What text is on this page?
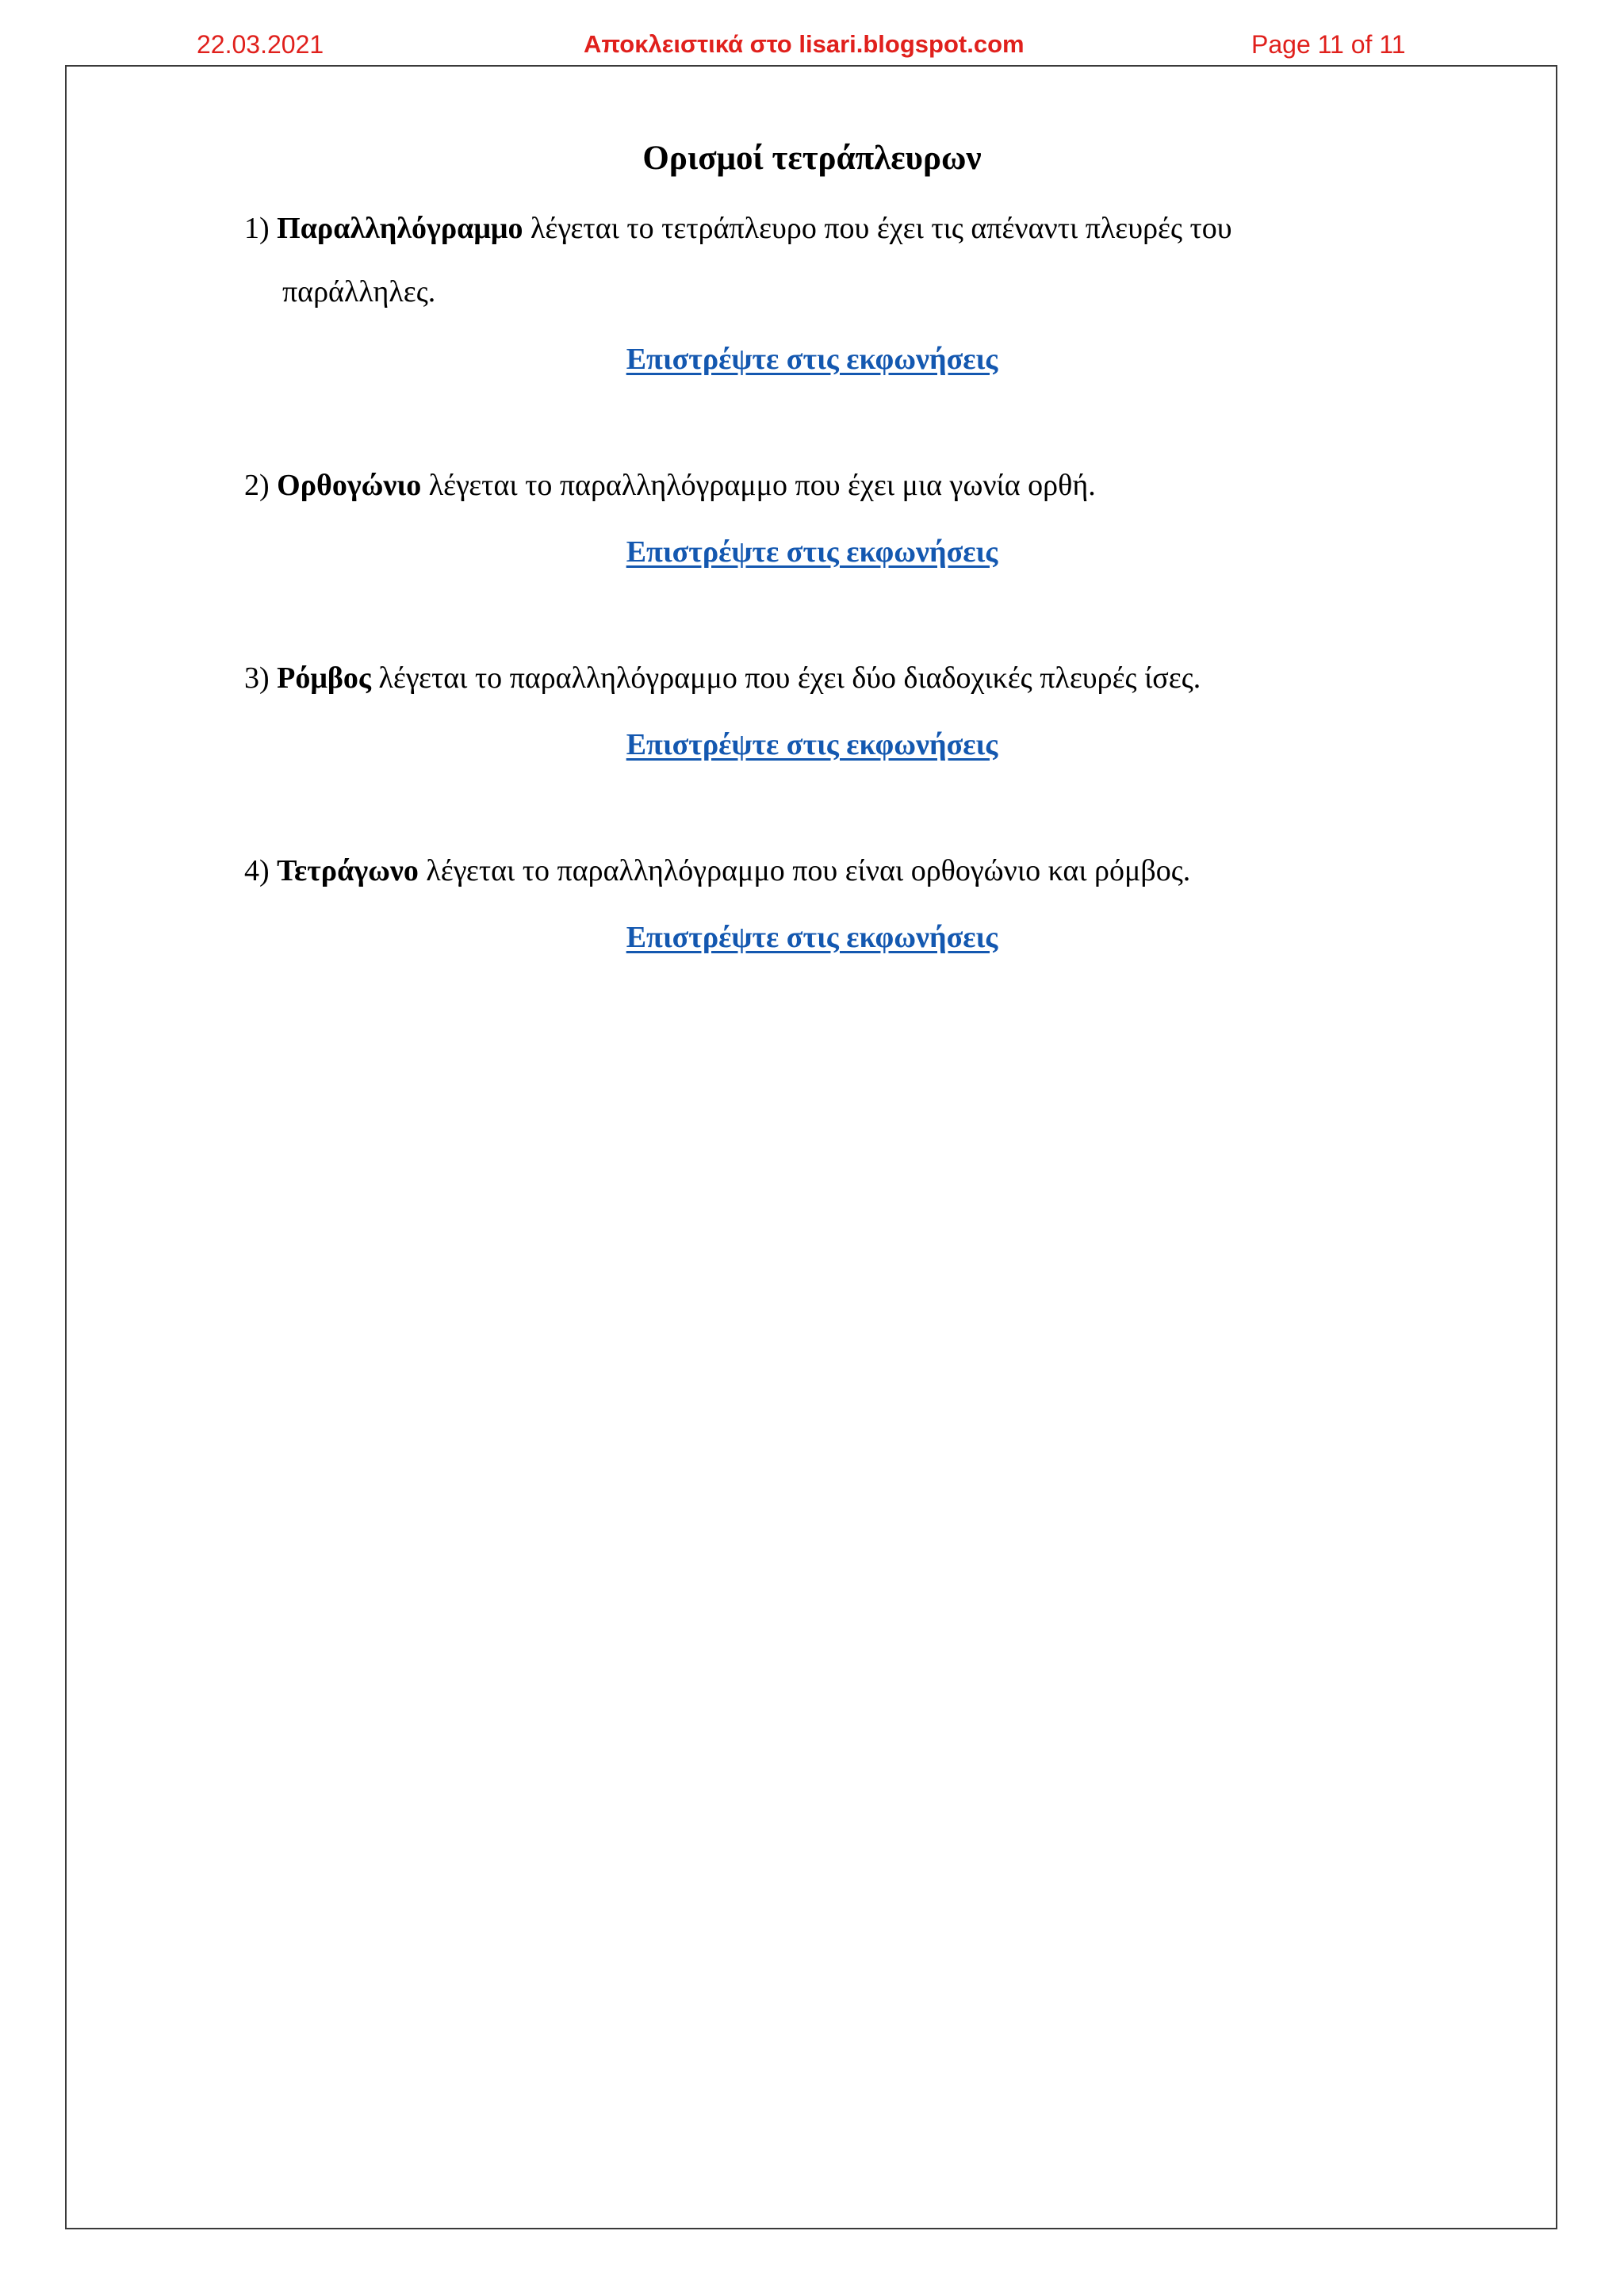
22.03.2021	Αποκλειστικά στο lisari.blogspot.com	Page 11 of 11
Ορισμοί τετράπλευρων
1) Παραλληλόγραμμο λέγεται το τετράπλευρο που έχει τις απέναντι πλευρές του
παράλληλες.
Επιστρέψτε στις εκφωνήσεις
2) Ορθογώνιο λέγεται το παραλληλόγραμμο που έχει μια γωνία ορθή.
Επιστρέψτε στις εκφωνήσεις
3) Ρόμβος λέγεται το παραλληλόγραμμο που έχει δύο διαδοχικές πλευρές ίσες.
Επιστρέψτε στις εκφωνήσεις
4) Τετράγωνο λέγεται το παραλληλόγραμμο που είναι ορθογώνιο και ρόμβος.
Επιστρέψτε στις εκφωνήσεις
